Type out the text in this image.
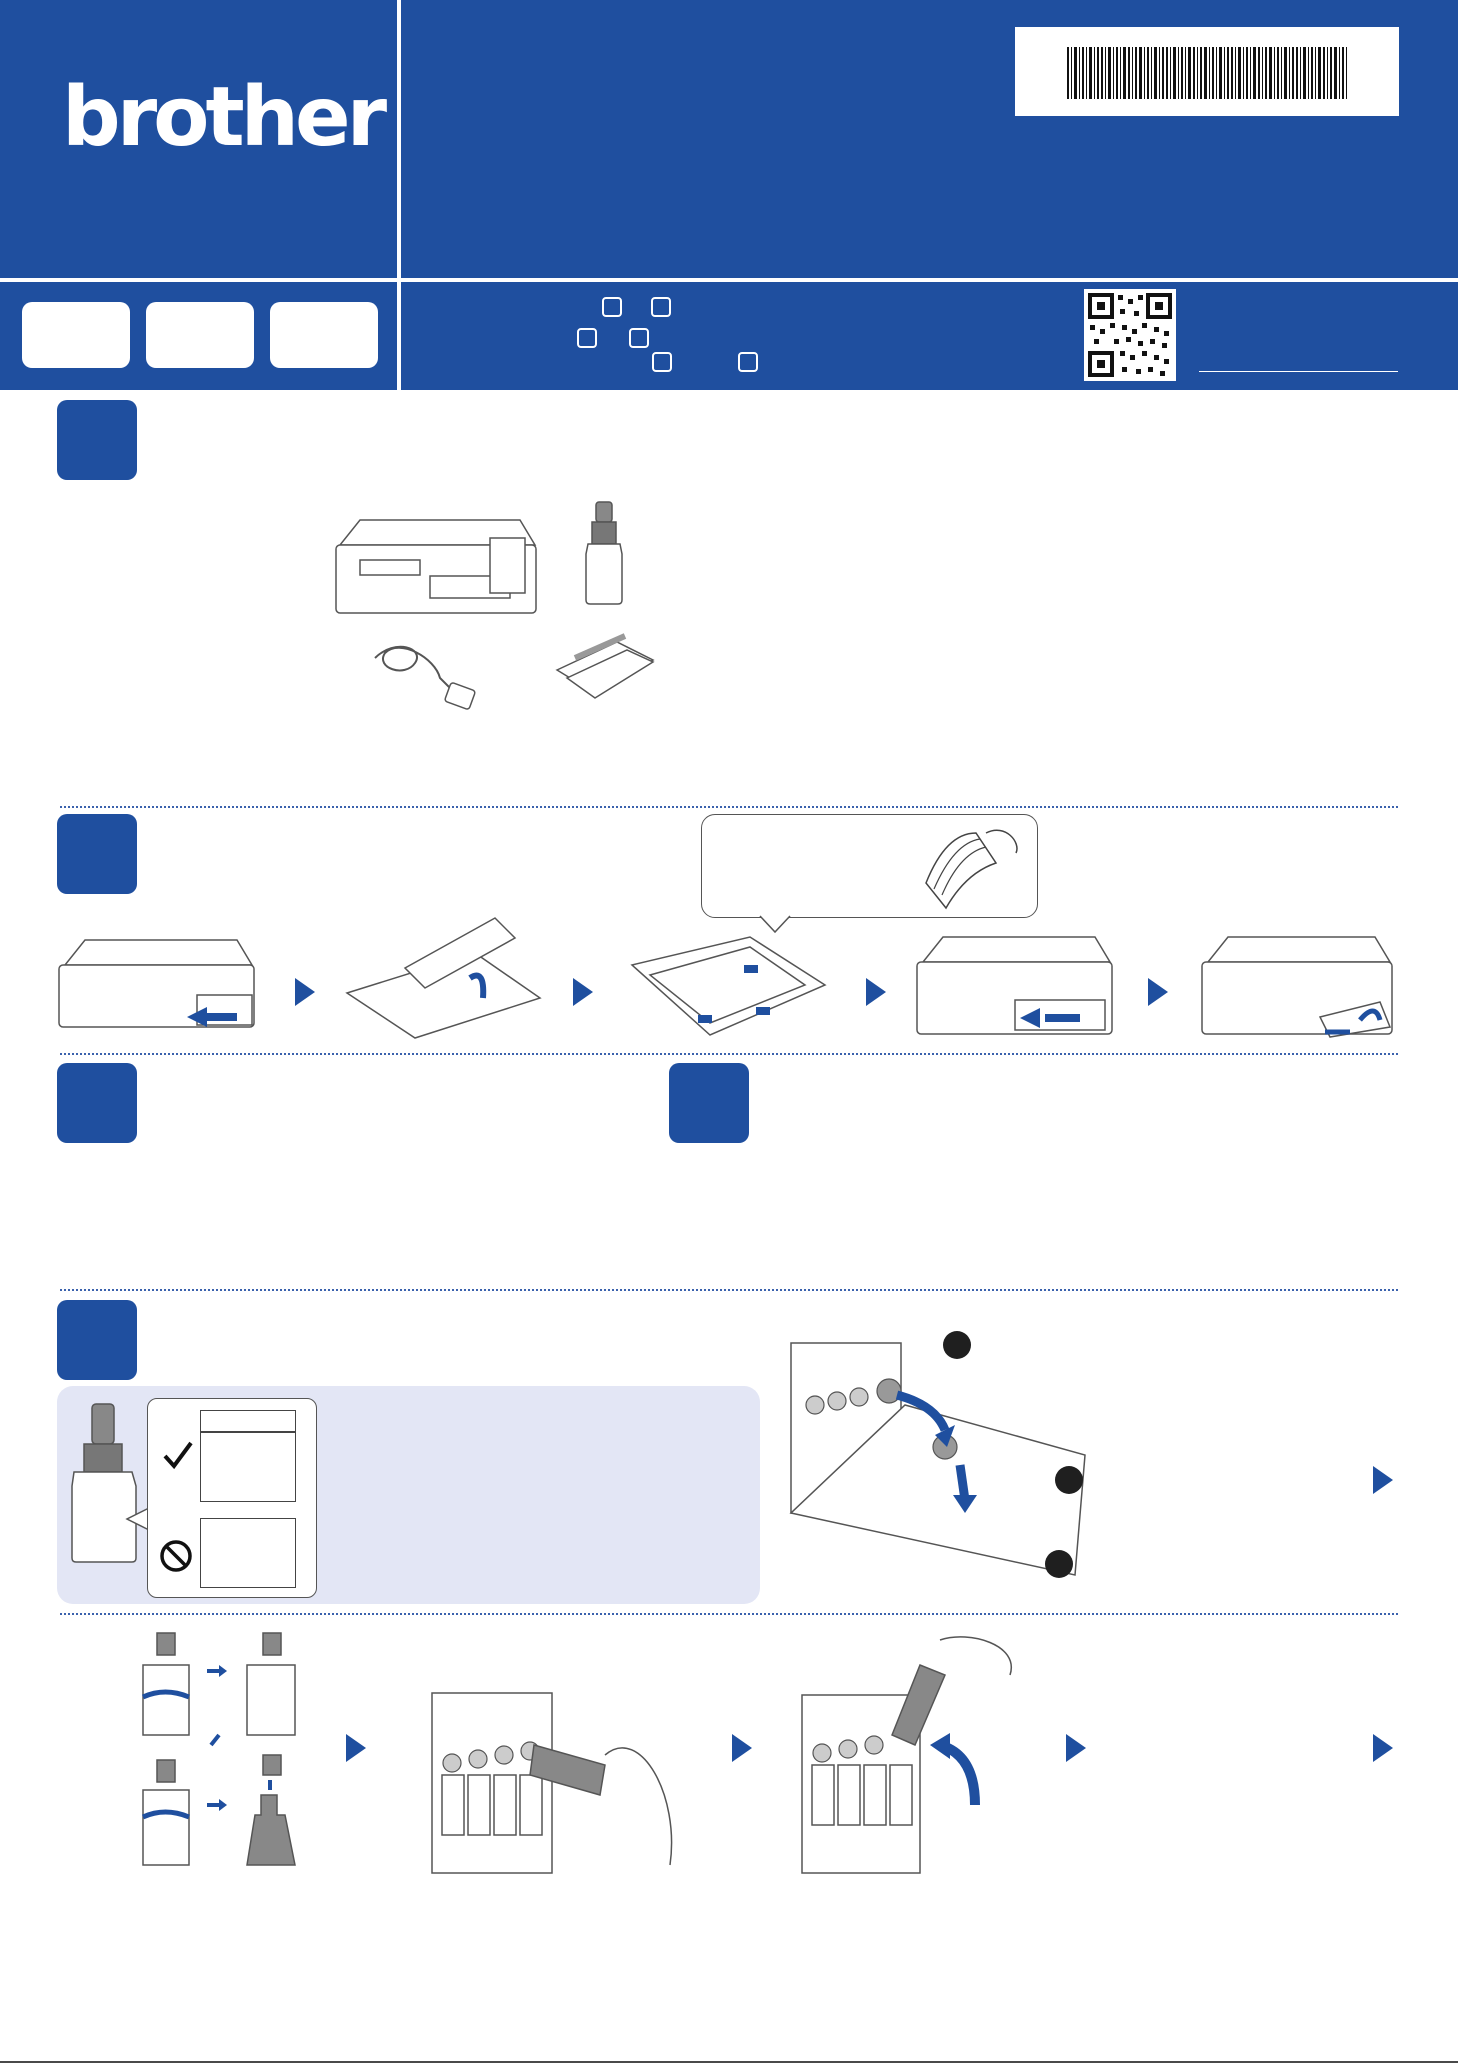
brother
